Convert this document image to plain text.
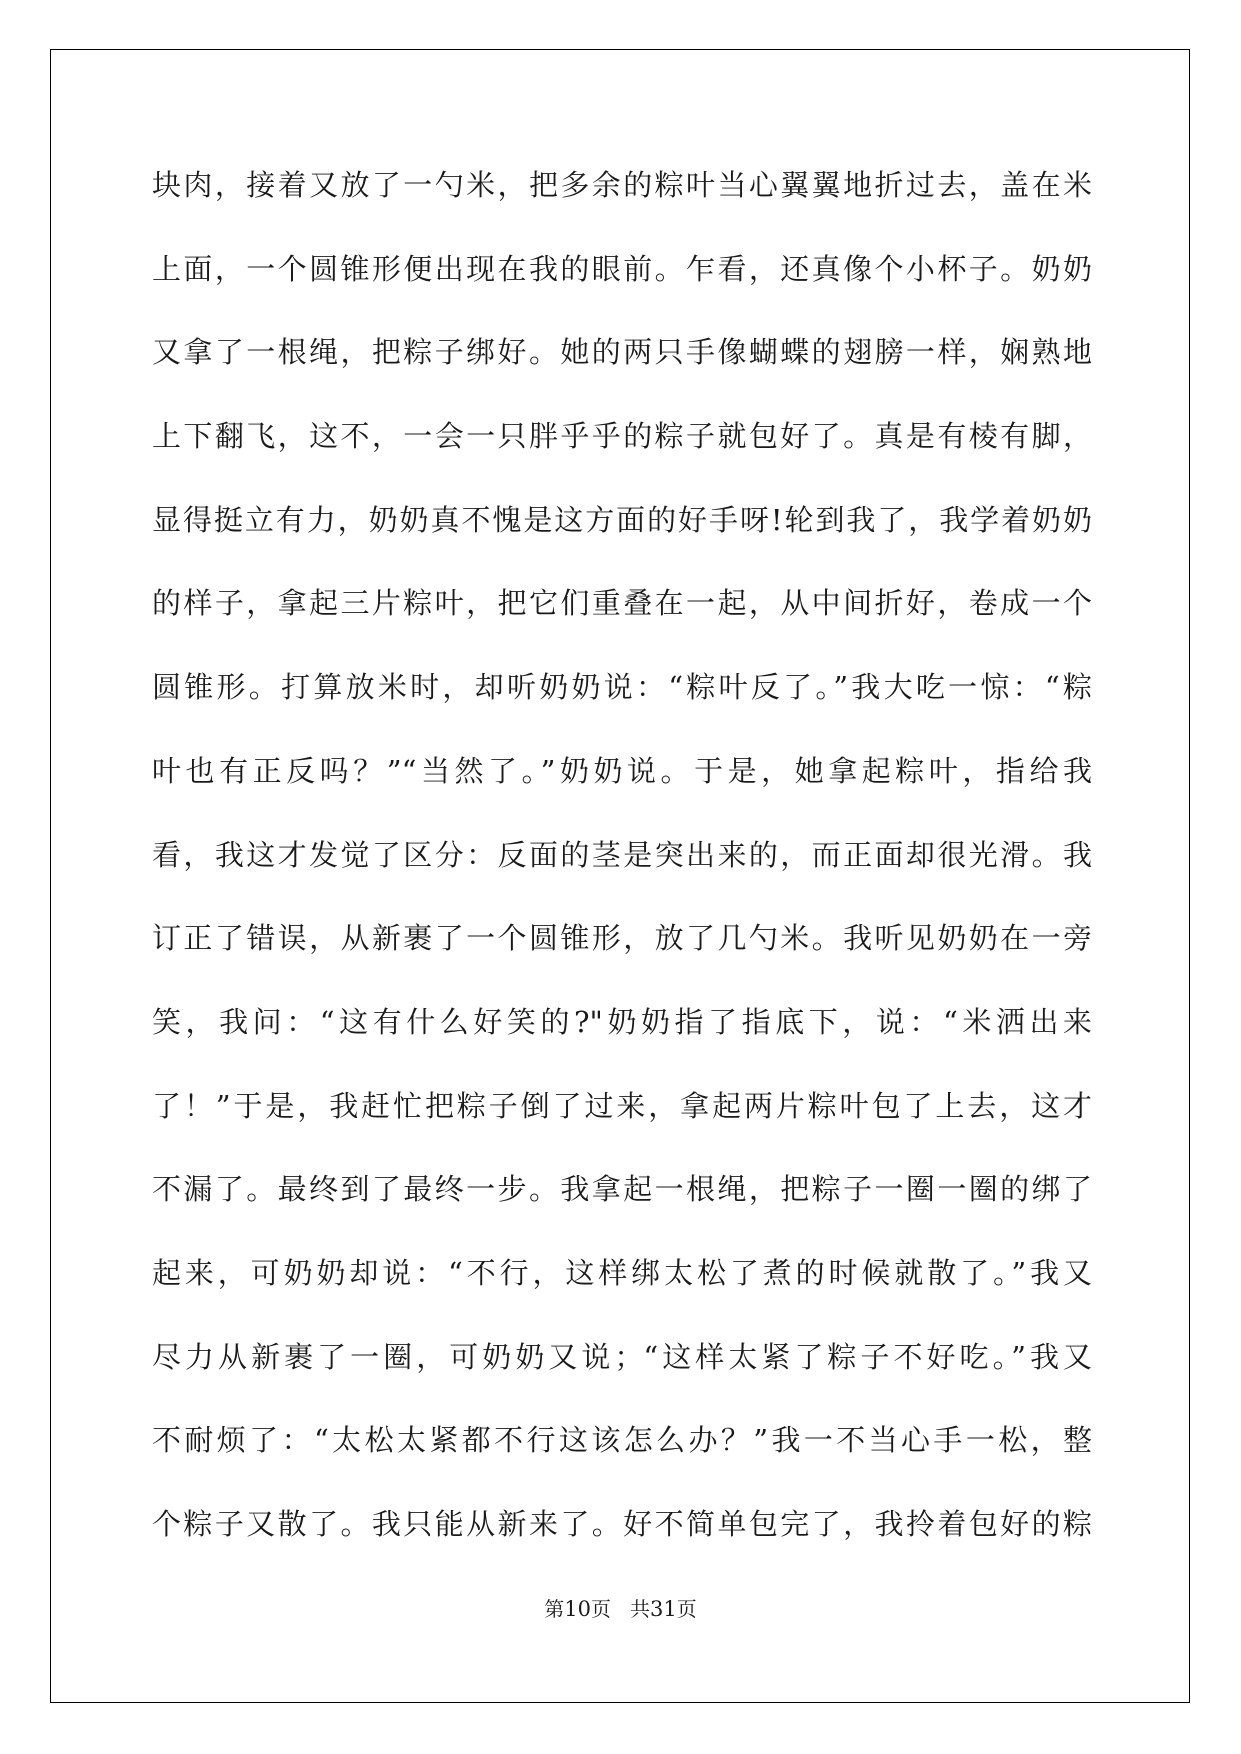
块肉，接着又放了一勺米，把多余的粽叶当心翼翼地折过去，盖在米
上面，一个圆锥形便出现在我的眼前。乍看，还真像个小杯子。奶奶
又拿了一根绳，把粽子绑好。她的两只手像蝴蝶的翅膀一样，娴熟地
上下翻飞，这不，一会一只胖乎乎的粽子就包好了。真是有棱有脚，
显得挺立有力，奶奶真不愧是这方面的好手呀!轮到我了，我学着奶奶
的样子，拿起三片粽叶，把它们重叠在一起，从中间折好，卷成一个
圆锥形。打算放米时，却听奶奶说：“粽叶反了。”我大吃一惊：“粽
叶也有正反吗？”“当然了。”奶奶说。于是，她拿起粽叶，指给我
看，我这才发觉了区分：反面的茎是突出来的，而正面却很光滑。我
订正了错误，从新裹了一个圆锥形，放了几勺米。我听见奶奶在一旁
笑，我问：“这有什么好笑的?"奶奶指了指底下，说：“米洒出来
了！”于是，我赶忙把粽子倒了过来，拿起两片粽叶包了上去，这才
不漏了。最终到了最终一步。我拿起一根绳，把粽子一圈一圈的绑了
起来，可奶奶却说：“不行，这样绑太松了煮的时候就散了。”我又
尽力从新裹了一圈，可奶奶又说；“这样太紧了粽子不好吃。”我又
不耐烦了：“太松太紧都不行这该怎么办？”我一不当心手一松，整
个粽子又散了。我只能从新来了。好不简单包完了，我拎着包好的粽
第10页 共31页
